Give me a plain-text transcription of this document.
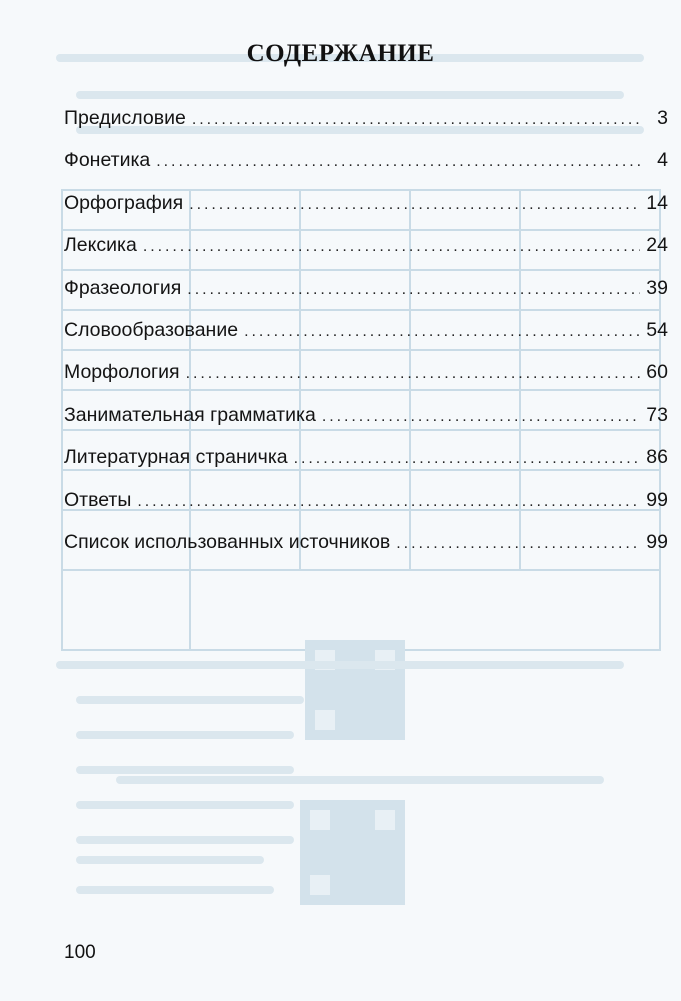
СОДЕРЖАНИЕ
Предисловие . . .	3
Фонетика . . .	4
Орфография . . .	14
Лексика . . .	24
Фразеология . . .	39
Словообразование . . .	54
Морфология . . .	60
Занимательная грамматика . . .	73
Литературная страничка . . .	86
Ответы . . .	99
Список использованных источников . . .	99
100
